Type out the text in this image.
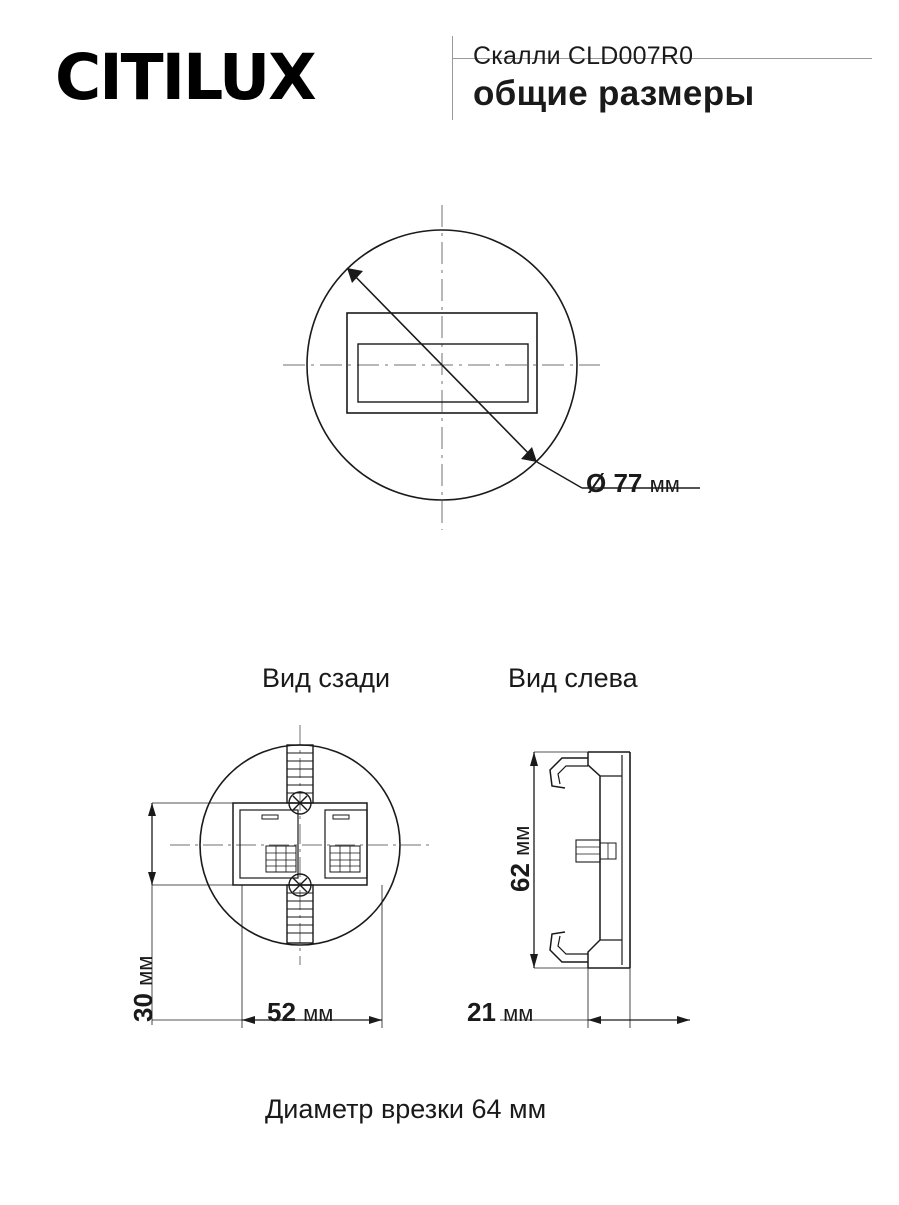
CITILUX	Скалли CLD007R0
общие размеры
Ø 77 мм
Вид сзади	Вид слева
30 мм
52 мм
62 мм
21 мм
Диаметр врезки 64 мм
